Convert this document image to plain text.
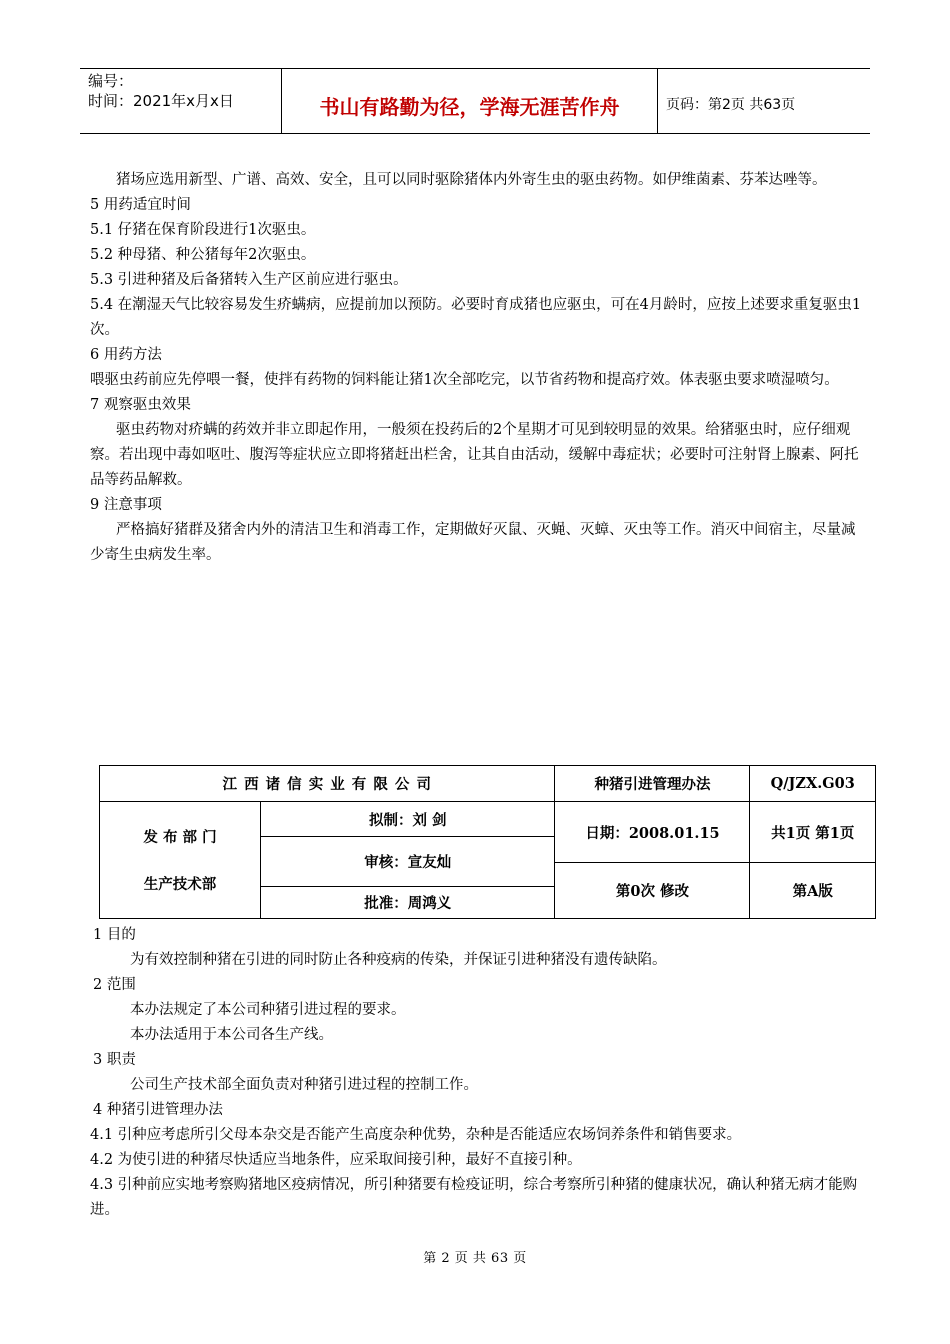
编号：
时间：2021年x月x日	书山有路勤为径，学海无涯苦作舟	页码：第2页 共63页

猪场应选用新型、广谱、高效、安全，且可以同时驱除猪体内外寄生虫的驱虫药物。如伊维菌素、芬苯达唑等。

5 用药适宜时间

5.1 仔猪在保育阶段进行1次驱虫。

5.2 种母猪、种公猪每年2次驱虫。

5.3 引进种猪及后备猪转入生产区前应进行驱虫。

5.4 在潮湿天气比较容易发生疥螨病，应提前加以预防。必要时育成猪也应驱虫，可在4月龄时，应按上述要求重复驱虫1次。

6 用药方法

喂驱虫药前应先停喂一餐，使拌有药物的饲料能让猪1次全部吃完，以节省药物和提高疗效。体表驱虫要求喷湿喷匀。

7 观察驱虫效果

驱虫药物对疥螨的药效并非立即起作用，一般须在投药后的2个星期才可见到较明显的效果。给猪驱虫时，应仔细观察。若出现中毒如呕吐、腹泻等症状应立即将猪赶出栏舍，让其自由活动，缓解中毒症状；必要时可注射肾上腺素、阿托品等药品解救。

9 注意事项

严格搞好猪群及猪舍内外的清洁卫生和消毒工作，定期做好灭鼠、灭蝇、灭蟑、灭虫等工作。消灭中间宿主，尽量减少寄生虫病发生率。

江 西 诸 信 实 业 有 限 公 司		种猪引进管理办法	Q/JZX.G03

发 布 部 门
生产技术部	拟制：刘 剑	日期：2008.01.15	共1页 第1页
	审核：宣友灿		
		第0次 修改	第A版
	批准：周鸿义		

1 目的

为有效控制种猪在引进的同时防止各种疫病的传染，并保证引进种猪没有遗传缺陷。

2 范围

本办法规定了本公司种猪引进过程的要求。

本办法适用于本公司各生产线。

3 职责

公司生产技术部全面负责对种猪引进过程的控制工作。

4 种猪引进管理办法

4.1 引种应考虑所引父母本杂交是否能产生高度杂种优势，杂种是否能适应农场饲养条件和销售要求。

4.2 为使引进的种猪尽快适应当地条件，应采取间接引种，最好不直接引种。

4.3 引种前应实地考察购猪地区疫病情况，所引种猪要有检疫证明，综合考察所引种猪的健康状况，确认种猪无病才能购进。

第 2 页 共 63 页
